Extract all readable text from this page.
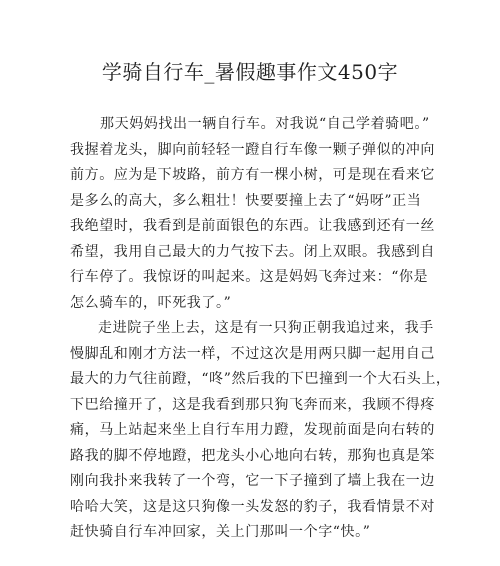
学骑自行车_暑假趣事作文450字
那天妈妈找出一辆自行车。对我说“自己学着骑吧。”
我握着龙头，脚向前轻轻一蹬自行车像一颗子弹似的冲向
前方。应为是下坡路，前方有一棵小树，可是现在看来它
是多么的高大，多么粗壮！快要要撞上去了“妈呀”正当
我绝望时，我看到是前面银色的东西。让我感到还有一丝
希望，我用自己最大的力气按下去。闭上双眼。我感到自
行车停了。我惊讶的叫起来。这是妈妈飞奔过来：“你是
怎么骑车的，吓死我了。”
走进院子坐上去，这是有一只狗正朝我追过来，我手
慢脚乱和刚才方法一样，不过这次是用两只脚一起用自己
最大的力气往前蹬，“咚”然后我的下巴撞到一个大石头上，
下巴给撞开了，这是我看到那只狗飞奔而来，我顾不得疼
痛，马上站起来坐上自行车用力蹬，发现前面是向右转的
路我的脚不停地蹬，把龙头小心地向右转，那狗也真是笨
刚向我扑来我转了一个弯，它一下子撞到了墙上我在一边
哈哈大笑，这是这只狗像一头发怒的豹子，我看情景不对
赶快骑自行车冲回家，关上门那叫一个字“快。”
